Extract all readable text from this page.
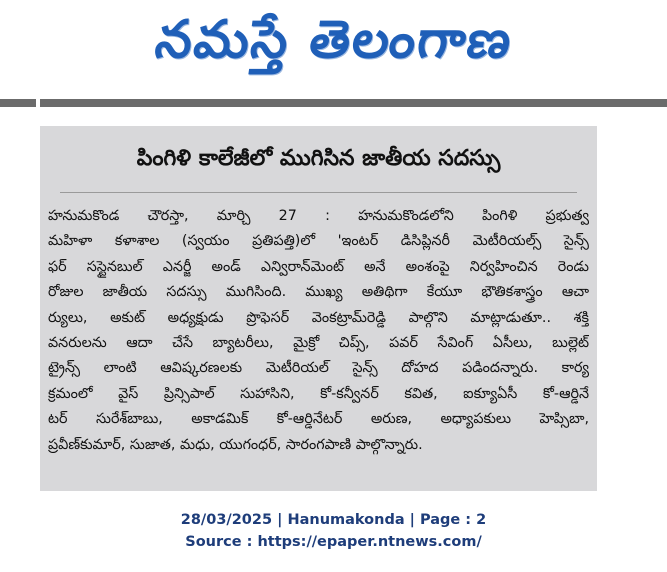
నమస్తే తెలంగాణ
పింగిళి కాలేజీలో ముగిసిన జాతీయ సదస్సు
హనుమకొండ చౌరస్తా, మార్చి 27 : హనుమకొండలోని పింగిళి ప్రభుత్వ
మహిళా కళాశాల (స్వయం ప్రతిపత్తి)లో 'ఇంటర్ డిసిప్లినరీ మెటీరియల్స్ సైన్స్
ఫర్ సస్టైనబుల్ ఎనర్జీ అండ్ ఎన్విరాన్‌మెంట్ అనే అంశంపై నిర్వహించిన రెండు
రోజుల జాతీయ సదస్సు ముగిసింది. ముఖ్య అతిథిగా కేయూ భౌతికశాస్త్రం ఆచా
ర్యులు, అకుట్ అధ్యక్షుడు ప్రొఫెసర్ వెంకట్రామ్‌రెడ్డి పాల్గొని మాట్లాడుతూ.. శక్తి
వనరులను ఆదా చేసే బ్యాటరీలు, మైక్రో చిప్స్, పవర్ సేవింగ్ ఏసీలు, బుల్లెట్
ట్రైన్స్ లాంటి ఆవిష్కరణలకు మెటీరియల్ సైన్స్ దోహద పడిందన్నారు. కార్య
క్రమంలో వైస్ ప్రిన్సిపాల్ సుహాసిని, కో-కన్వీనర్ కవిత, ఐక్యూఏసీ కో-ఆర్డినే
టర్ సురేశ్‌బాబు, అకాడమిక్ కో-ఆర్డినేటర్ అరుణ, అధ్యాపకులు హెప్సిబా,
ప్రవీణ్‌కుమార్, సుజాత, మధు, యుగంధర్, సారంగపాణి పాల్గొన్నారు.
28/03/2025 | Hanumakonda | Page : 2
Source : https://epaper.ntnews.com/
